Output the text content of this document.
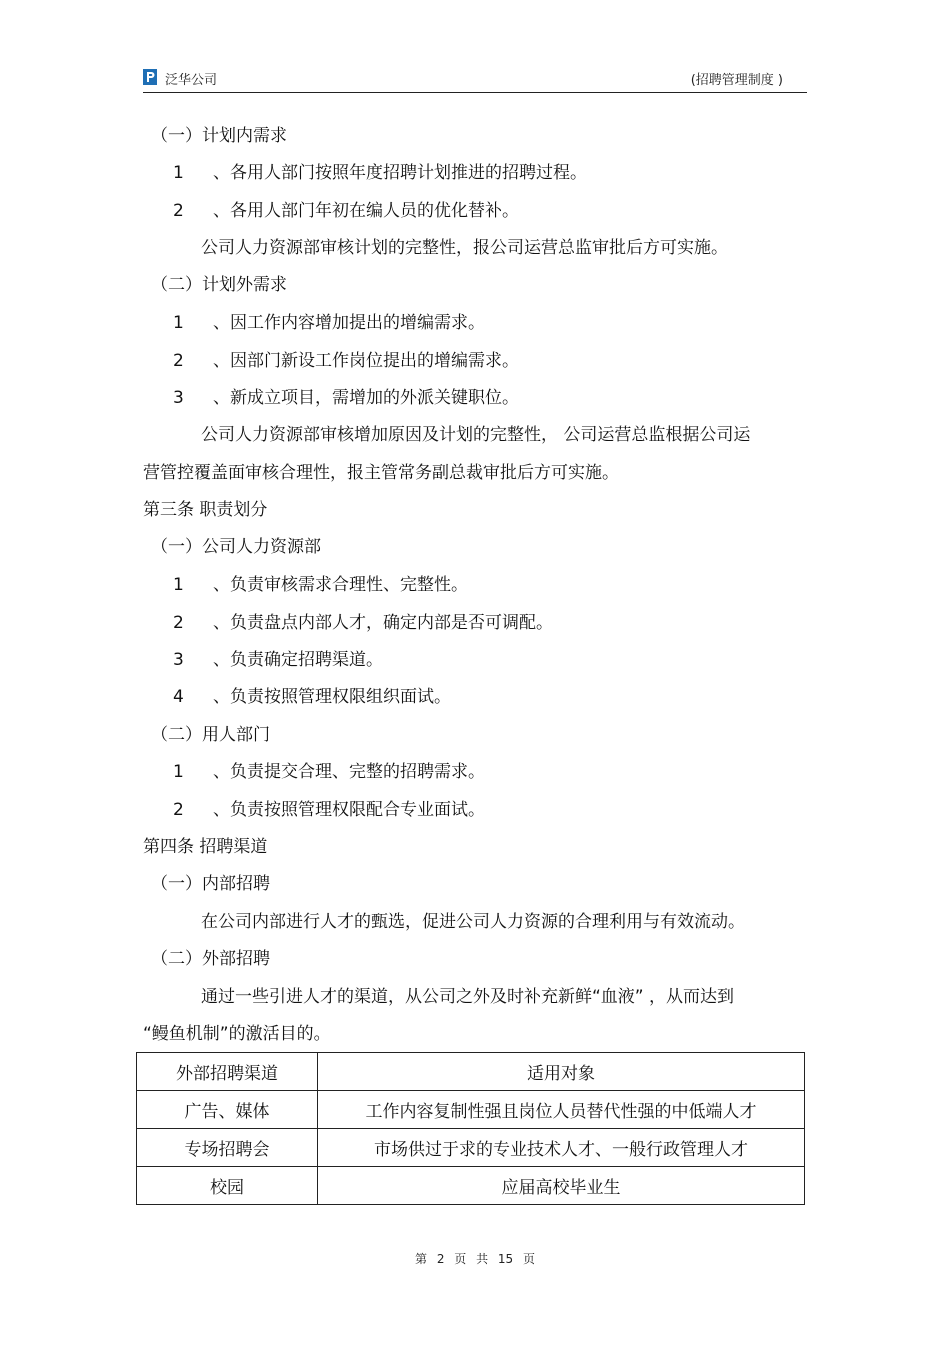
泛华公司	(招聘管理制度 )
（一）计划内需求
1 、各用人部门按照年度招聘计划推进的招聘过程。
2 、各用人部门年初在编人员的优化替补。
公司人力资源部审核计划的完整性，报公司运营总监审批后方可实施。
（二）计划外需求
1 、因工作内容增加提出的增编需求。
2 、因部门新设工作岗位提出的增编需求。
3 、新成立项目，需增加的外派关键职位。
公司人力资源部审核增加原因及计划的完整性， 公司运营总监根据公司运
营管控覆盖面审核合理性，报主管常务副总裁审批后方可实施。
第三条 职责划分
（一）公司人力资源部
1 、负责审核需求合理性、完整性。
2 、负责盘点内部人才，确定内部是否可调配。
3 、负责确定招聘渠道。
4 、负责按照管理权限组织面试。
（二）用人部门
1 、负责提交合理、完整的招聘需求。
2 、负责按照管理权限配合专业面试。
第四条 招聘渠道
（一）内部招聘
在公司内部进行人才的甄选，促进公司人力资源的合理利用与有效流动。
（二）外部招聘
通过一些引进人才的渠道，从公司之外及时补充新鲜“血液” ，从而达到
“鳗鱼机制”的激活目的。
外部招聘渠道	适用对象
广告、媒体	工作内容复制性强且岗位人员替代性强的中低端人才
专场招聘会	市场供过于求的专业技术人才、一般行政管理人才
校园	应届高校毕业生
第 2 页 共 15 页
